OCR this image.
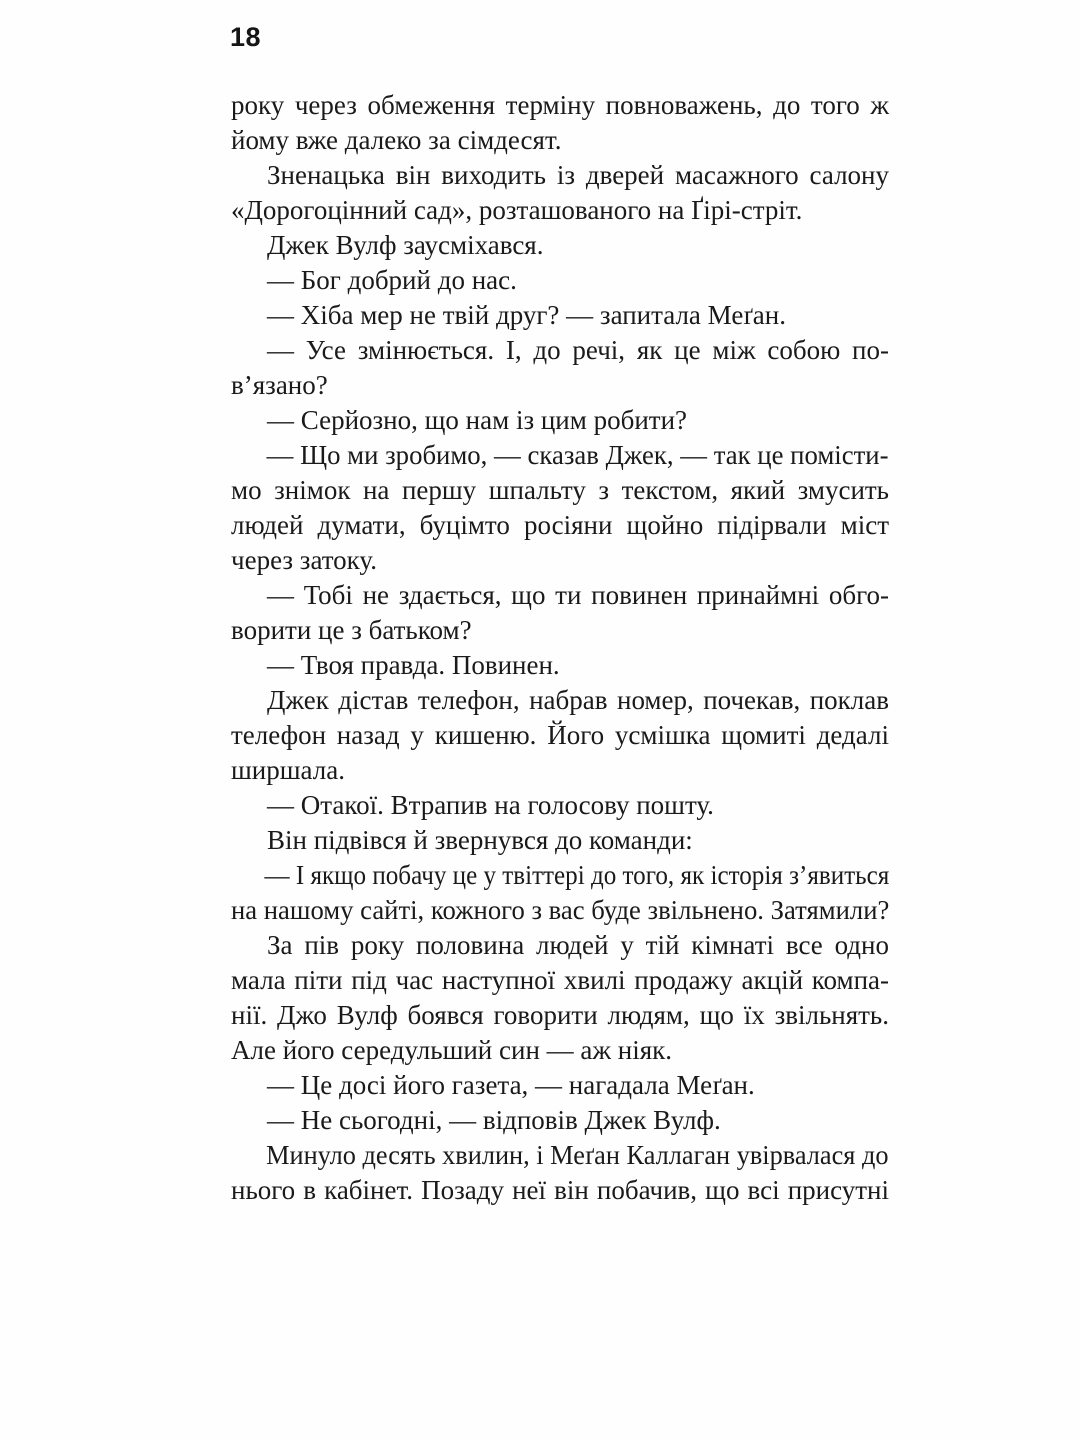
18
року через обмеження терміну повноважень, до того ж
йому вже далеко за сімдесят.
Зненацька він виходить із дверей масажного салону
«Дорогоцінний сад», розташованого на Ґірі-стріт.
Джек Вулф заусміхався.
— Бог добрий до нас.
— Хіба мер не твій друг? — запитала Меґан.
— Усе змінюється. І, до речі, як це між собою по-
в’язано?
— Серйозно, що нам із цим робити?
— Що ми зробимо, — сказав Джек, — так це помісти-
мо знімок на першу шпальту з текстом, який змусить
людей думати, буцімто росіяни щойно підірвали міст
через затоку.
— Тобі не здається, що ти повинен принаймні обго-
ворити це з батьком?
— Твоя правда. Повинен.
Джек дістав телефон, набрав номер, почекав, поклав
телефон назад у кишеню. Його усмішка щомиті дедалі
ширшала.
— Отакої. Втрапив на голосову пошту.
Він підвівся й звернувся до команди:
— І якщо побачу це у твіттері до того, як історія з’явиться
на нашому сайті, кожного з вас буде звільнено. Затямили?
За пів року половина людей у тій кімнаті все одно
мала піти під час наступної хвилі продажу акцій компа-
нії. Джо Вулф боявся говорити людям, що їх звільнять.
Але його середульший син — аж ніяк.
— Це досі його газета, — нагадала Меґан.
— Не сьогодні, — відповів Джек Вулф.
Минуло десять хвилин, і Меґан Каллаган увірвалася до
нього в кабінет. Позаду неї він побачив, що всі присутні
